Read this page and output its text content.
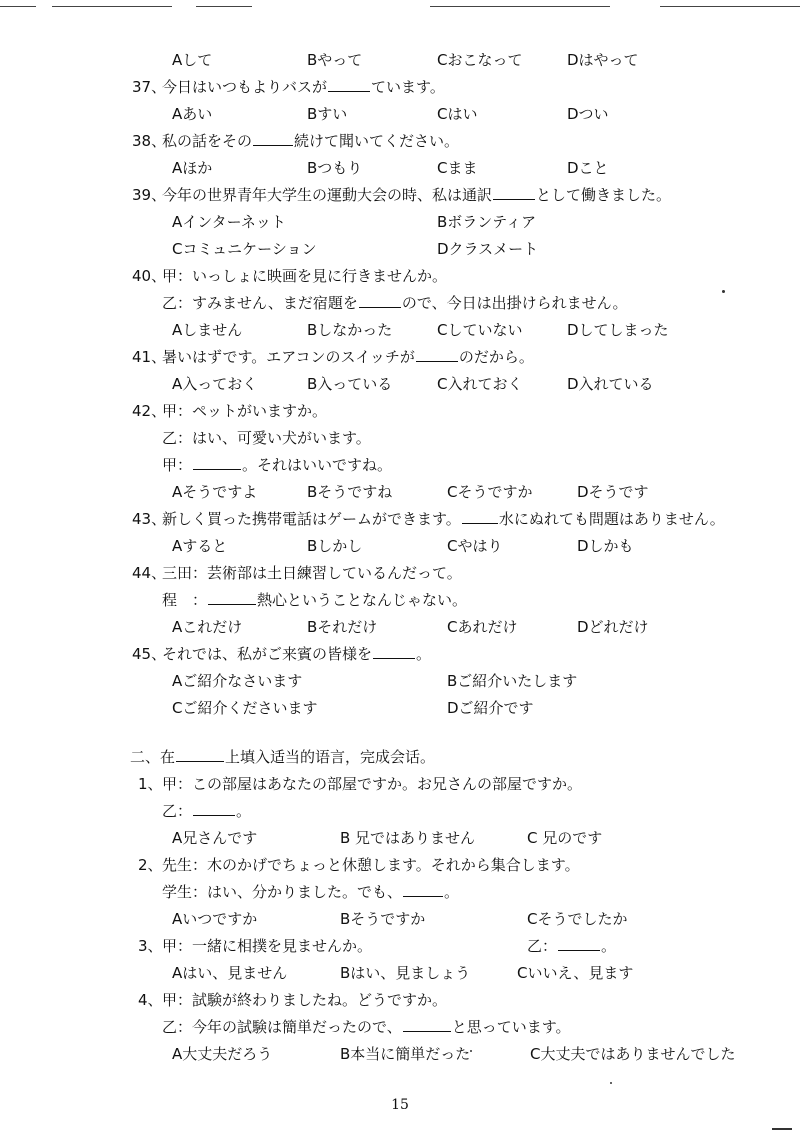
Aして	Bやって	Cおこなって	Dはやって
37、
今日はいつもよりバスが	ています。
Aあい	Bすい	Cはい	Dつい
38、
私の話をその	続けて聞いてください。
Aほか	Bつもり	Cまま	Dこと
39、
今年の世界青年大学生の運動大会の時、私は通訳	として働きました。
Aインターネット	Bボランティア
Cコミュニケーション	Dクラスメート
40、
甲：いっしょに映画を見に行きませんか。
乙：すみません、まだ宿題を	ので、今日は出掛けられません。
Aしません	Bしなかった	Cしていない	Dしてしまった
41、
暑いはずです。エアコンのスイッチが	のだから。
A入っておく	B入っている	C入れておく	D入れている
42、
甲：ペットがいますか。
乙：はい、可愛い犬がいます。
甲：	。それはいいですね。
Aそうですよ	Bそうですね	Cそうですか	Dそうです
43、
新しく買った携帯電話はゲームができます。	水にぬれても問題はありません。
Aすると	Bしかし	Cやはり	Dしかも
44、
三田：芸術部は土日練習しているんだって。
程　：	熱心ということなんじゃない。
Aこれだけ	Bそれだけ	Cあれだけ	Dどれだけ
45、
それでは、私がご来賓の皆様を	。
Aご紹介なさいます	Bご紹介いたします
Cご紹介くださいます	Dご紹介です
二、在	上填入适当的语言，完成会话。
1、 甲：この部屋はあなたの部屋ですか。お兄さんの部屋ですか。
乙：	。
A兄さんです	B 兄ではありません	C 兄のです
2、 先生：木のかげでちょっと休憩します。それから集合します。
学生：はい、分かりました。でも、	。
Aいつですか	Bそうですか	Cそうでしたか
3、 甲：一緒に相撲を見ませんか。	乙：	。
Aはい、見ません	Bはい、見ましょう	Cいいえ、見ます
4、 甲：試験が終わりましたね。どうですか。
乙：今年の試験は簡単だったので、	と思っています。
A大丈夫だろう	B本当に簡単だった	C大丈夫ではありませんでした
15
